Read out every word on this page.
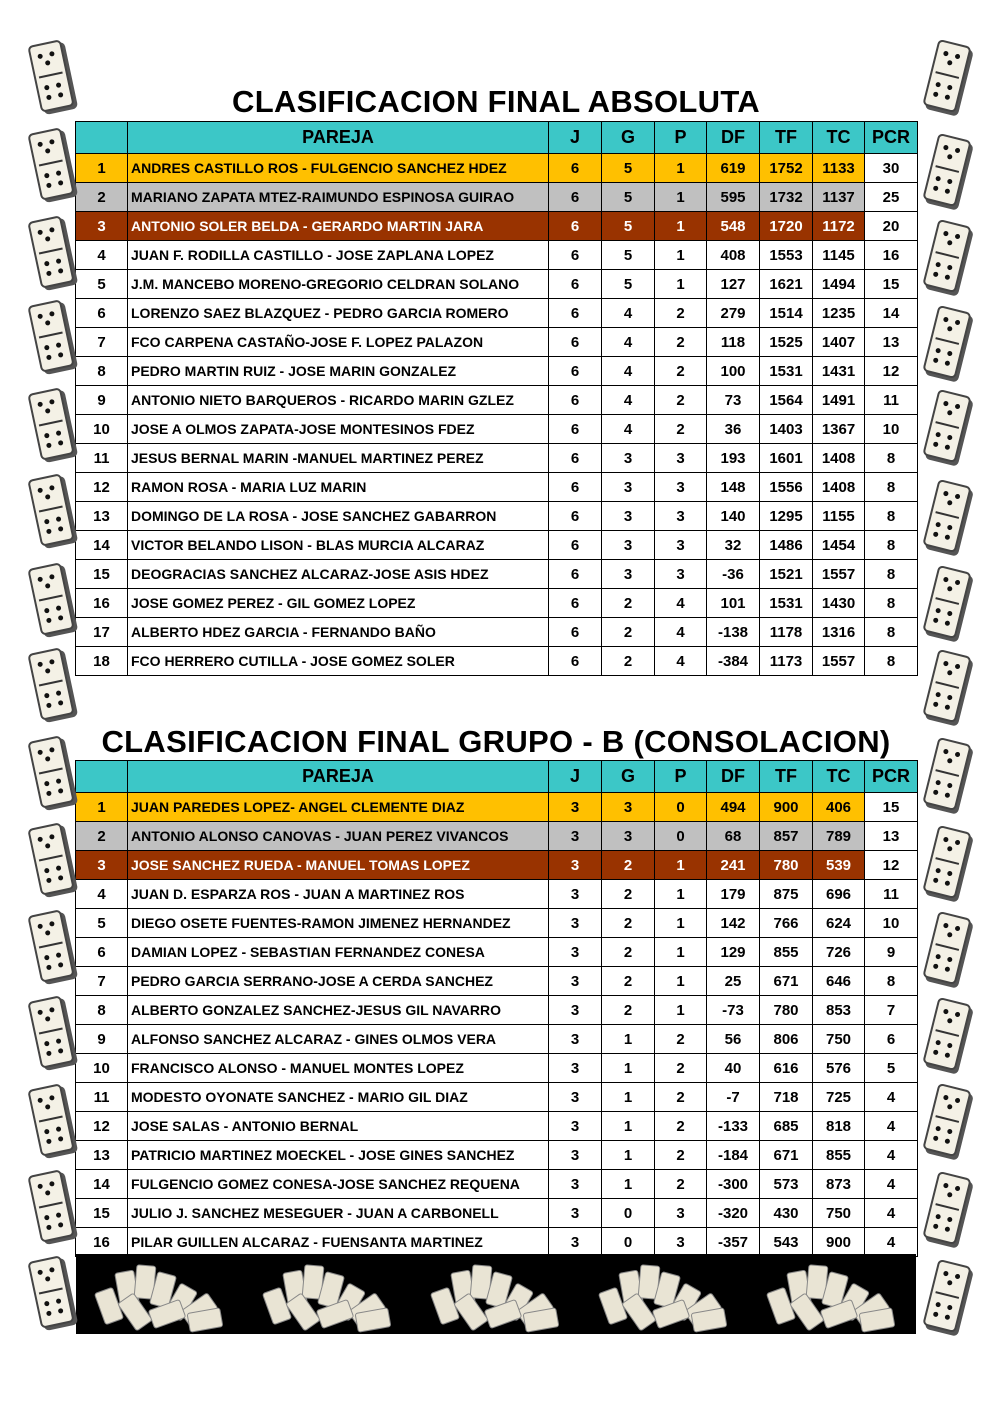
CLASIFICACION FINAL ABSOLUTA
	PAREJA	J	G	P	DF	TF	TC	PCR
1	ANDRES CASTILLO ROS - FULGENCIO SANCHEZ HDEZ	6	5	1	619	1752	1133	30
2	MARIANO ZAPATA MTEZ-RAIMUNDO ESPINOSA GUIRAO	6	5	1	595	1732	1137	25
3	ANTONIO SOLER BELDA - GERARDO MARTIN JARA	6	5	1	548	1720	1172	20
4	JUAN F. RODILLA CASTILLO - JOSE ZAPLANA LOPEZ	6	5	1	408	1553	1145	16
5	J.M. MANCEBO MORENO-GREGORIO CELDRAN SOLANO	6	5	1	127	1621	1494	15
6	LORENZO SAEZ BLAZQUEZ - PEDRO GARCIA ROMERO	6	4	2	279	1514	1235	14
7	FCO CARPENA CASTAÑO-JOSE F. LOPEZ PALAZON	6	4	2	118	1525	1407	13
8	PEDRO MARTIN RUIZ - JOSE MARIN GONZALEZ	6	4	2	100	1531	1431	12
9	ANTONIO NIETO BARQUEROS - RICARDO MARIN GZLEZ	6	4	2	73	1564	1491	11
10	JOSE A OLMOS ZAPATA-JOSE MONTESINOS FDEZ	6	4	2	36	1403	1367	10
11	JESUS BERNAL MARIN -MANUEL MARTINEZ PEREZ	6	3	3	193	1601	1408	8
12	RAMON ROSA - MARIA LUZ MARIN	6	3	3	148	1556	1408	8
13	DOMINGO DE LA ROSA - JOSE SANCHEZ GABARRON	6	3	3	140	1295	1155	8
14	VICTOR BELANDO LISON - BLAS MURCIA ALCARAZ	6	3	3	32	1486	1454	8
15	DEOGRACIAS SANCHEZ ALCARAZ-JOSE ASIS HDEZ	6	3	3	-36	1521	1557	8
16	JOSE GOMEZ PEREZ - GIL GOMEZ LOPEZ	6	2	4	101	1531	1430	8
17	ALBERTO HDEZ GARCIA - FERNANDO BAÑO	6	2	4	-138	1178	1316	8
18	FCO HERRERO CUTILLA - JOSE GOMEZ SOLER	6	2	4	-384	1173	1557	8
CLASIFICACION FINAL GRUPO - B (CONSOLACION)
	PAREJA	J	G	P	DF	TF	TC	PCR
1	JUAN PAREDES LOPEZ- ANGEL CLEMENTE DIAZ	3	3	0	494	900	406	15
2	ANTONIO ALONSO CANOVAS - JUAN PEREZ VIVANCOS	3	3	0	68	857	789	13
3	JOSE SANCHEZ RUEDA - MANUEL TOMAS LOPEZ	3	2	1	241	780	539	12
4	JUAN D. ESPARZA ROS - JUAN A MARTINEZ ROS	3	2	1	179	875	696	11
5	DIEGO OSETE FUENTES-RAMON JIMENEZ HERNANDEZ	3	2	1	142	766	624	10
6	DAMIAN LOPEZ - SEBASTIAN FERNANDEZ CONESA	3	2	1	129	855	726	9
7	PEDRO GARCIA SERRANO-JOSE A CERDA SANCHEZ	3	2	1	25	671	646	8
8	ALBERTO GONZALEZ SANCHEZ-JESUS GIL NAVARRO	3	2	1	-73	780	853	7
9	ALFONSO SANCHEZ ALCARAZ - GINES OLMOS VERA	3	1	2	56	806	750	6
10	FRANCISCO ALONSO - MANUEL MONTES LOPEZ	3	1	2	40	616	576	5
11	MODESTO OYONATE SANCHEZ - MARIO GIL DIAZ	3	1	2	-7	718	725	4
12	JOSE SALAS - ANTONIO BERNAL	3	1	2	-133	685	818	4
13	PATRICIO MARTINEZ MOECKEL - JOSE GINES SANCHEZ	3	1	2	-184	671	855	4
14	FULGENCIO GOMEZ CONESA-JOSE SANCHEZ REQUENA	3	1	2	-300	573	873	4
15	JULIO J. SANCHEZ MESEGUER - JUAN A CARBONELL	3	0	3	-320	430	750	4
16	PILAR GUILLEN ALCARAZ - FUENSANTA MARTINEZ	3	0	3	-357	543	900	4
